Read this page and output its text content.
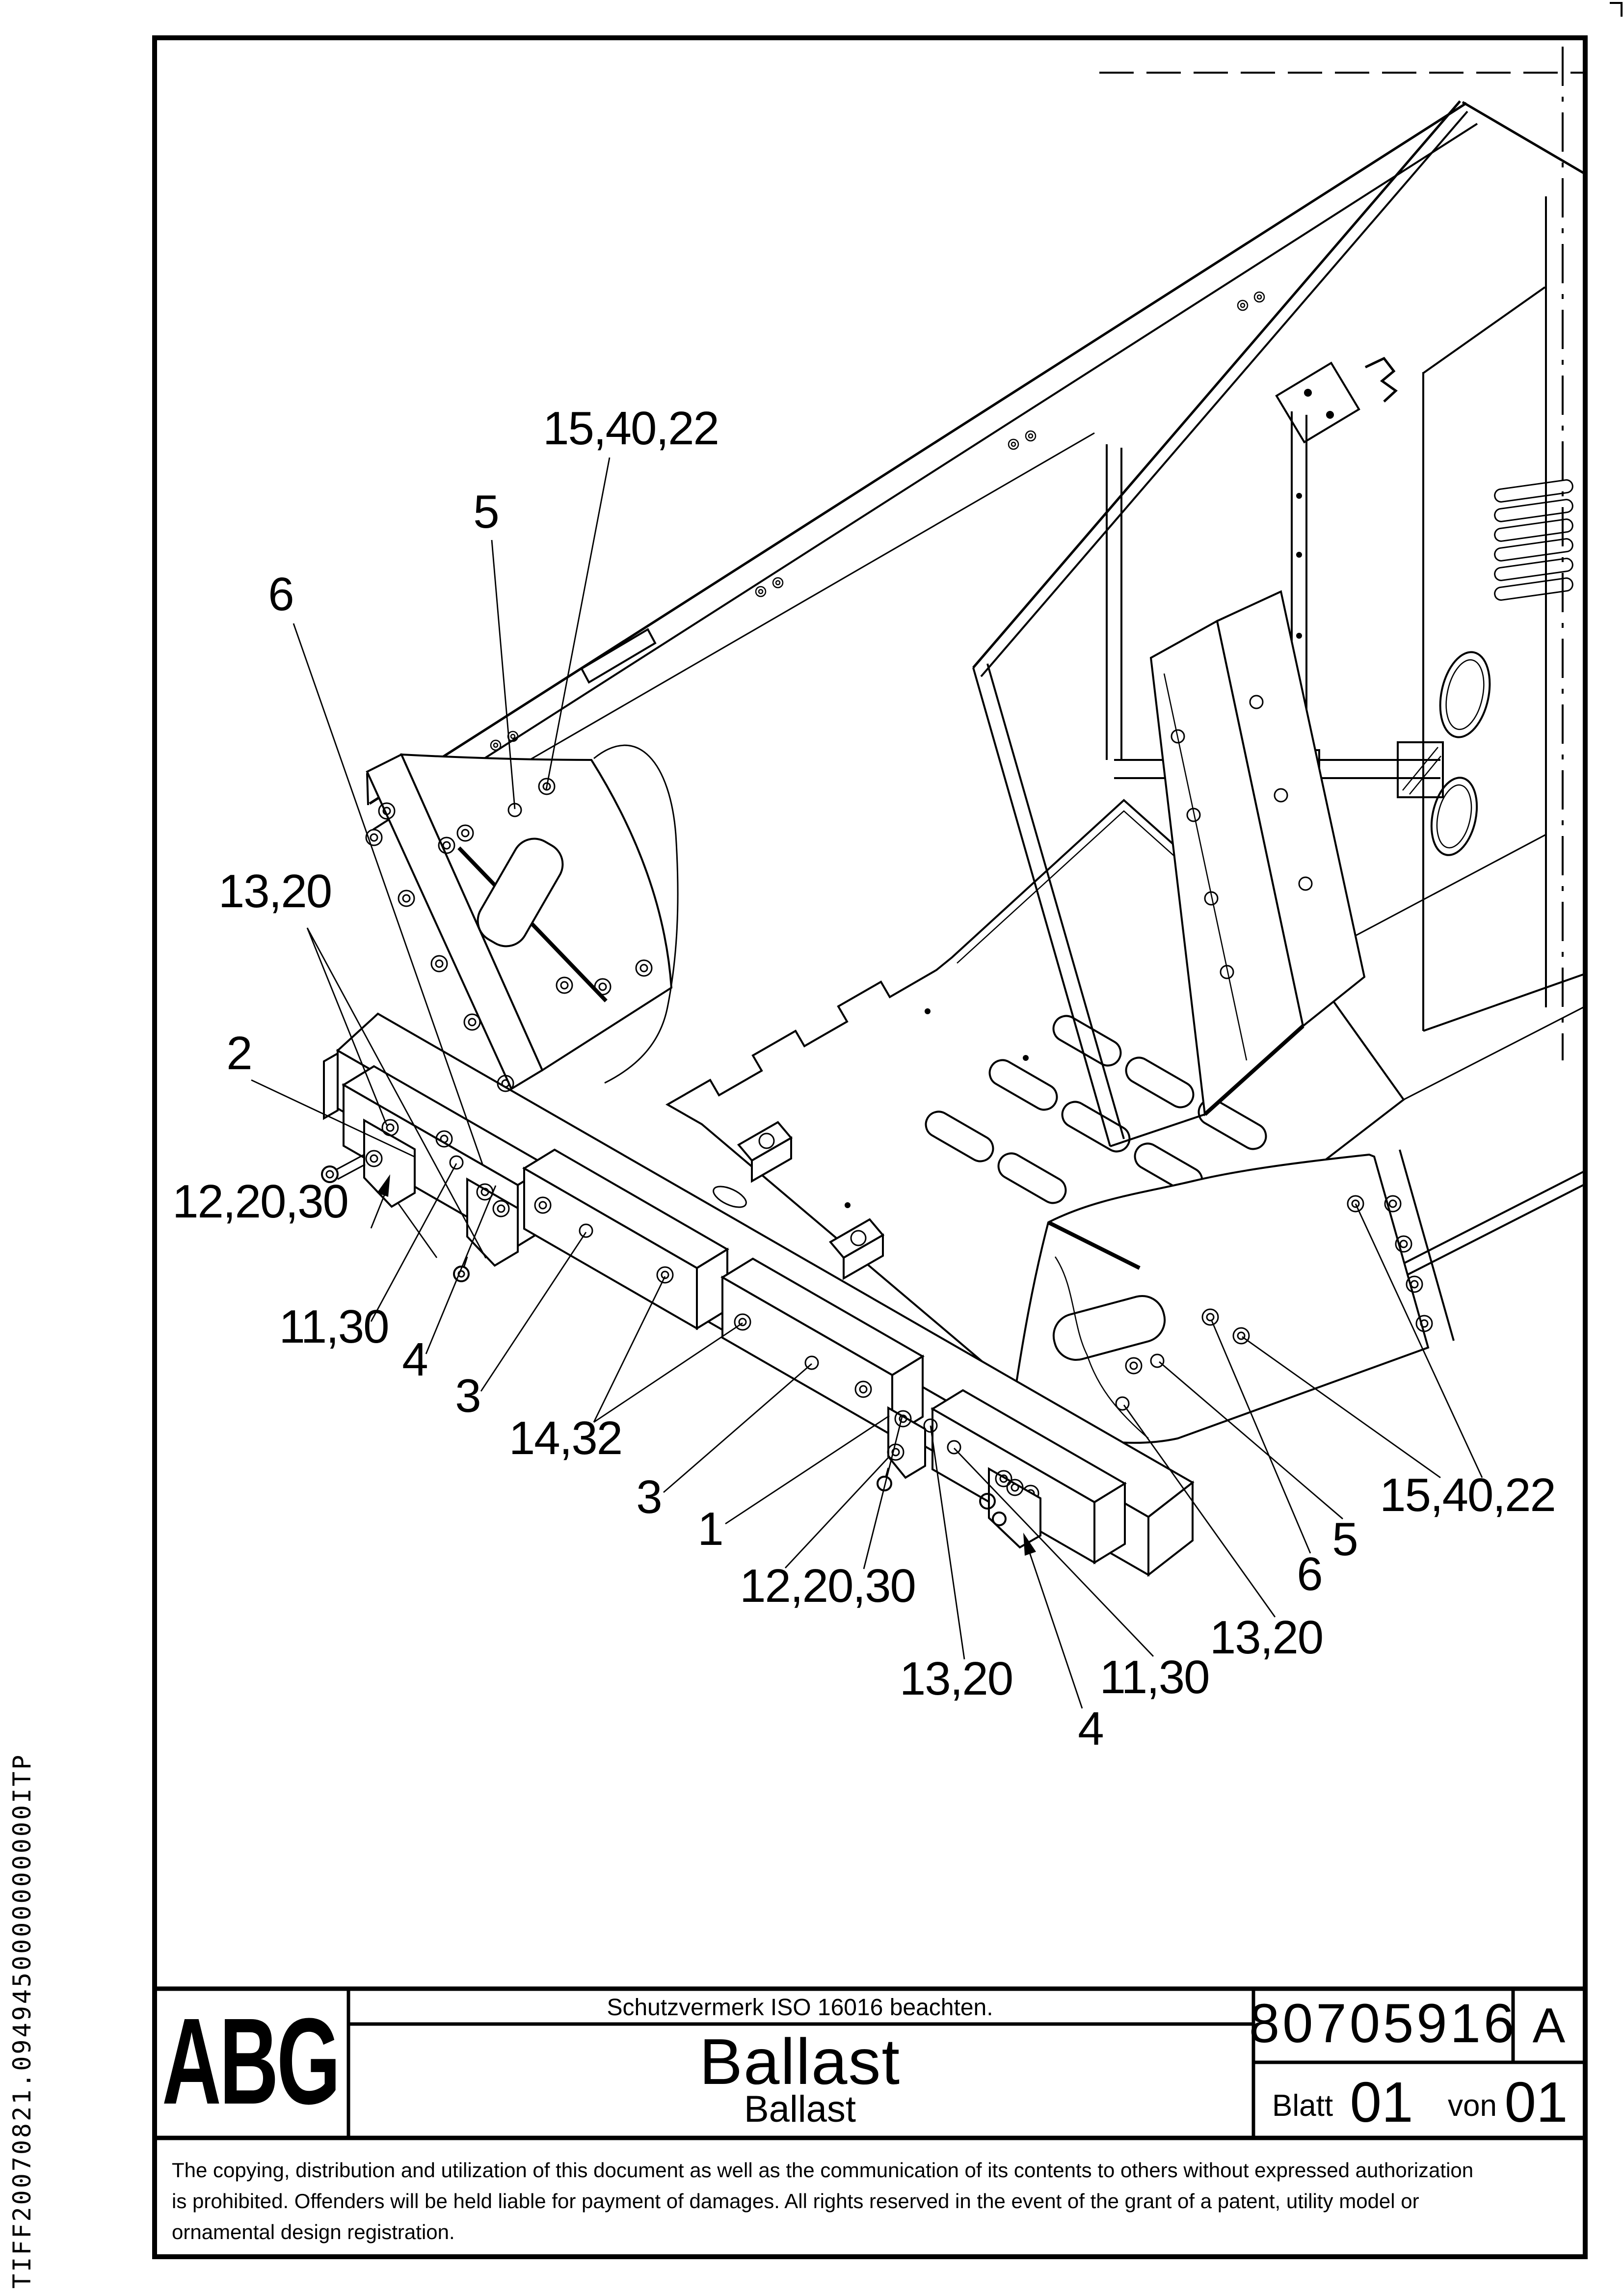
15,40,22
5
6
13,20
2
12,20,30
11,30
4
3
14,32
3
1
12,20,30
13,20
4
11,30
13,20
6
5
15,40,22
ABG	Schutzvermerk ISO 16016 beachten.
Ballast
Ballast
80705916 A
Blatt 01 von 01
The copying, distribution and utilization of this document as well as the communication of its contents to others without expressed authorization
is prohibited. Offenders will be held liable for payment of damages. All rights reserved in the event of the grant of a patent, utility model or
ornamental design registration.
TIFF20070821.0949450000000000ITP
